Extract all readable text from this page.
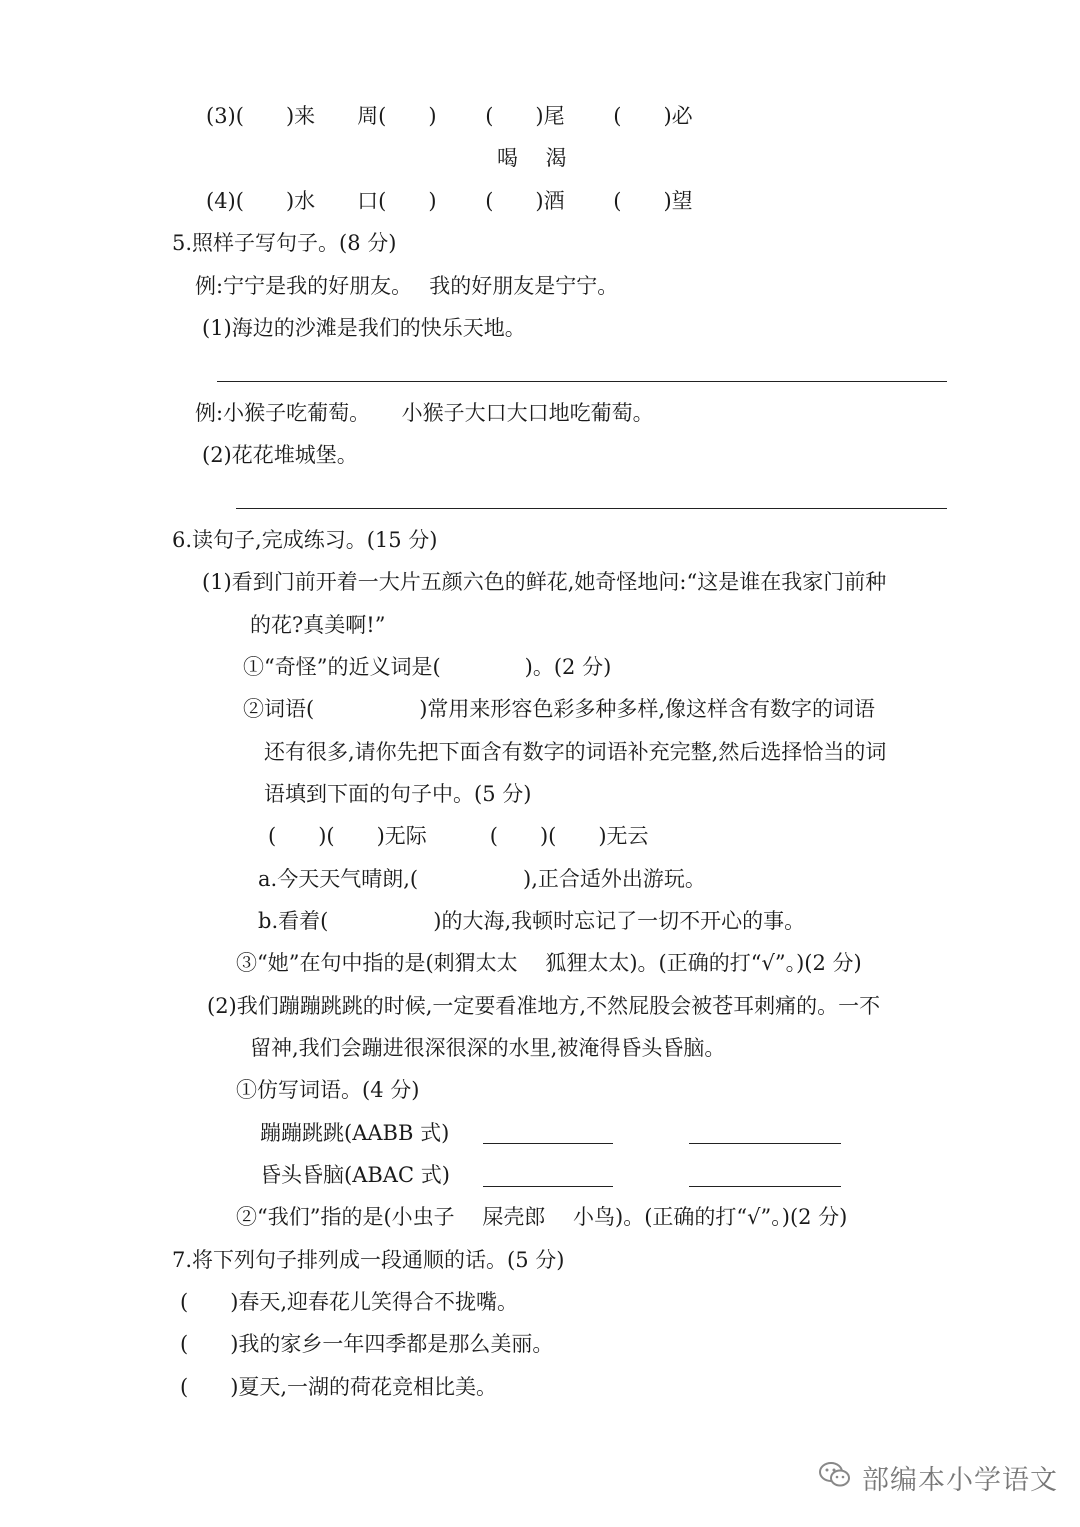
(3)(　　)来　　周(　　)　　 (　　)尾　　 (　　)必
喝　 渴
(4)(　　)水　　口(　　)　　 (　　)酒　　 (　　)望
5.照样子写句子。(8 分)
例:宁宁是我的好朋友。　 我的好朋友是宁宁。
(1)海边的沙滩是我们的快乐天地。
例:小猴子吃葡萄。　　小猴子大口大口地吃葡萄。
(2)花花堆城堡。
6.读句子,完成练习。(15 分)
(1)看到门前开着一大片五颜六色的鲜花,她奇怪地问:“这是谁在我家门前种
的花?真美啊!”
①“奇怪”的近义词是(　　　　)。(2 分)
②词语(　　　　　)常用来形容色彩多种多样,像这样含有数字的词语
还有很多,请你先把下面含有数字的词语补充完整,然后选择恰当的词
语填到下面的句子中。(5 分)
(　　)(　　)无际　　　(　　)(　　)无云
a.今天天气晴朗,(　　　　　),正合适外出游玩。
b.看着(　　　　　)的大海,我顿时忘记了一切不开心的事。
③“她”在句中指的是(刺猬太太　 狐狸太太)。(正确的打“√”。)(2 分)
(2)我们蹦蹦跳跳的时候,一定要看准地方,不然屁股会被苍耳刺痛的。一不
留神,我们会蹦进很深很深的水里,被淹得昏头昏脑。
①仿写词语。(4 分)
蹦蹦跳跳(AABB 式)
昏头昏脑(ABAC 式)
②“我们”指的是(小虫子　 屎壳郎　 小鸟)。(正确的打“√”。)(2 分)
7.将下列句子排列成一段通顺的话。(5 分)
(　　)春天,迎春花儿笑得合不拢嘴。
(　　)我的家乡一年四季都是那么美丽。
(　　)夏天,一湖的荷花竞相比美。
部编本小学语文
